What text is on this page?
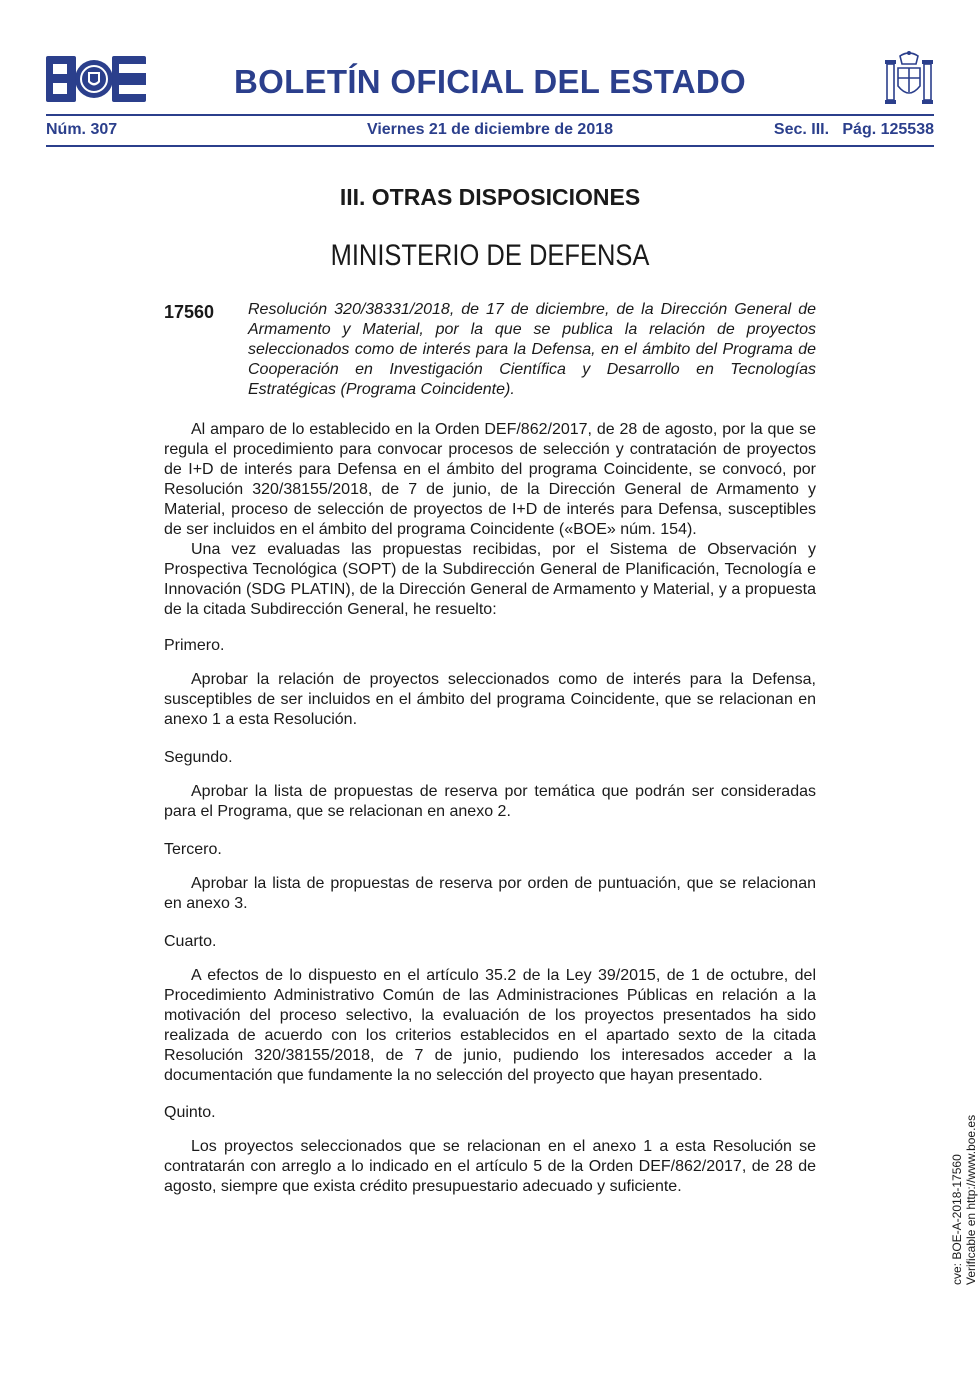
BOLETÍN OFICIAL DEL ESTADO
Núm. 307	Viernes 21 de diciembre de 2018	Sec. III. Pág. 125538
III. OTRAS DISPOSICIONES
MINISTERIO DE DEFENSA
17560 Resolución 320/38331/2018, de 17 de diciembre, de la Dirección General de Armamento y Material, por la que se publica la relación de proyectos seleccionados como de interés para la Defensa, en el ámbito del Programa de Cooperación en Investigación Científica y Desarrollo en Tecnologías Estratégicas (Programa Coincidente).

Al amparo de lo establecido en la Orden DEF/862/2017, de 28 de agosto, por la que se regula el procedimiento para convocar procesos de selección y contratación de proyectos de I+D de interés para Defensa en el ámbito del programa Coincidente, se convocó, por Resolución 320/38155/2018, de 7 de junio, de la Dirección General de Armamento y Material, proceso de selección de proyectos de I+D de interés para Defensa, susceptibles de ser incluidos en el ámbito del programa Coincidente («BOE» núm. 154).

Una vez evaluadas las propuestas recibidas, por el Sistema de Observación y Prospectiva Tecnológica (SOPT) de la Subdirección General de Planificación, Tecnología e Innovación (SDG PLATIN), de la Dirección General de Armamento y Material, y a propuesta de la citada Subdirección General, he resuelto:

Primero.

Aprobar la relación de proyectos seleccionados como de interés para la Defensa, susceptibles de ser incluidos en el ámbito del programa Coincidente, que se relacionan en anexo 1 a esta Resolución.

Segundo.

Aprobar la lista de propuestas de reserva por temática que podrán ser consideradas para el Programa, que se relacionan en anexo 2.

Tercero.

Aprobar la lista de propuestas de reserva por orden de puntuación, que se relacionan en anexo 3.

Cuarto.

A efectos de lo dispuesto en el artículo 35.2 de la Ley 39/2015, de 1 de octubre, del Procedimiento Administrativo Común de las Administraciones Públicas en relación a la motivación del proceso selectivo, la evaluación de los proyectos presentados ha sido realizada de acuerdo con los criterios establecidos en el apartado sexto de la citada Resolución 320/38155/2018, de 7 de junio, pudiendo los interesados acceder a la documentación que fundamente la no selección del proyecto que hayan presentado.

Quinto.

Los proyectos seleccionados que se relacionan en el anexo 1 a esta Resolución se contratarán con arreglo a lo indicado en el artículo 5 de la Orden DEF/862/2017, de 28 de agosto, siempre que exista crédito presupuestario adecuado y suficiente.	cve: BOE-A-2018-17560 Verificable en http://www.boe.es
